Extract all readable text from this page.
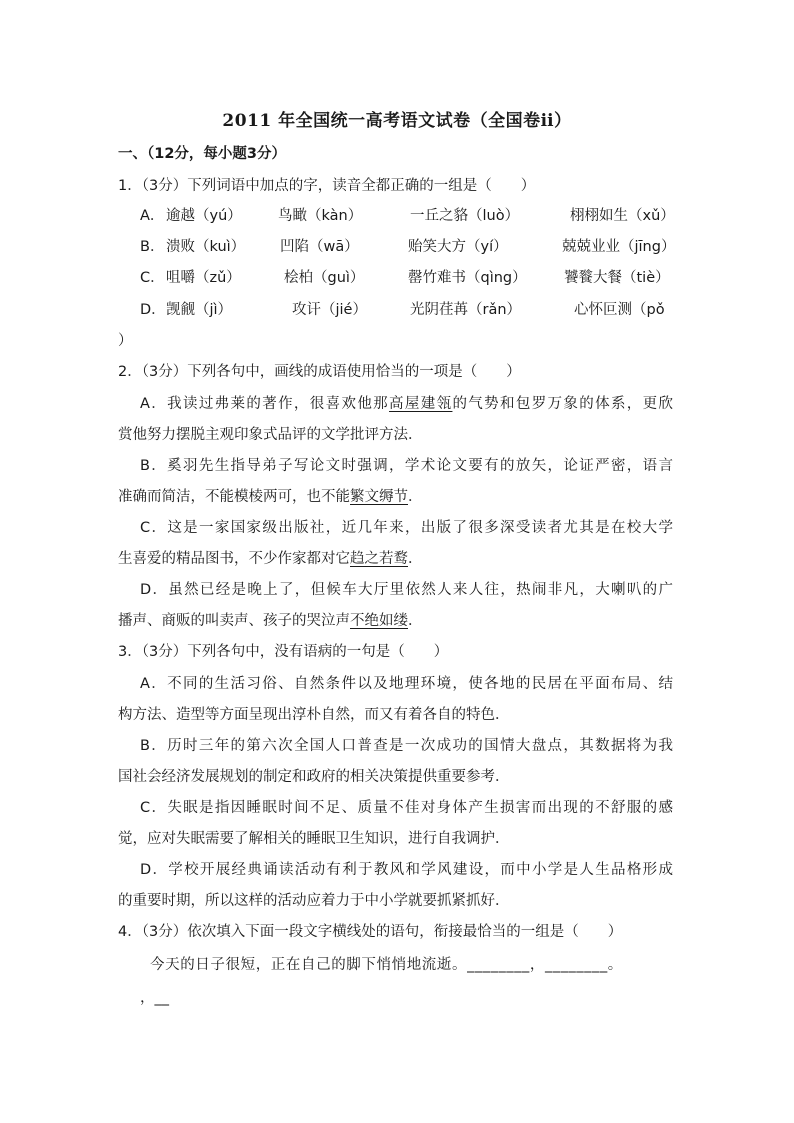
2011 年全国统一高考语文试卷（全国卷ⅱ）
一、（12分，每小题3分）
1．（3分）下列词语中加点的字，读音全都正确的一组是（　　）
A． 逾越（yú） 鸟瞰（kàn）	一丘之貉（luò）	栩栩如生（xǔ）
B． 溃败（kuì） 凹陷（wā）	贻笑大方（yí）	兢兢业业（jīng）
C． 咀嚼（zǔ）	桧柏（guì）	罄竹难书（qìng）	饕餮大餐（tiè）
D． 觊觎（jì）	攻讦（jié）	光阴荏苒（rǎn）	心怀叵测（pǒ
）
2．（3分）下列各句中，画线的成语使用恰当的一项是（　　）
A．我读过弗莱的著作，很喜欢他那高屋建瓴的气势和包罗万象的体系，更欣
赏他努力摆脱主观印象式品评的文学批评方法．
B．奚羽先生指导弟子写论文时强调，学术论文要有的放矢，论证严密，语言
准确而简洁，不能模棱两可，也不能繁文缛节．
C．这是一家国家级出版社，近几年来，出版了很多深受读者尤其是在校大学
生喜爱的精品图书，不少作家都对它趋之若鹜．
D．虽然已经是晚上了，但候车大厅里依然人来人往，热闹非凡，大喇叭的广
播声、商贩的叫卖声、孩子的哭泣声不绝如缕．
3．（3分）下列各句中，没有语病的一句是（　　）
A．不同的生活习俗、自然条件以及地理环境，使各地的民居在平面布局、结
构方法、造型等方面呈现出淳朴自然，而又有着各自的特色．
B．历时三年的第六次全国人口普查是一次成功的国情大盘点，其数据将为我
国社会经济发展规划的制定和政府的相关决策提供重要参考．
C．失眠是指因睡眠时间不足、质量不佳对身体产生损害而出现的不舒服的感
觉，应对失眠需要了解相关的睡眠卫生知识，进行自我调护．
D．学校开展经典诵读活动有利于教风和学风建设，而中小学是人生品格形成
的重要时期，所以这样的活动应着力于中小学就要抓紧抓好．
4．（3分）依次填入下面一段文字横线处的语句，衔接最恰当的一组是（　　）
今天的日子很短，正在自己的脚下悄悄地流逝。________，________。
，__
